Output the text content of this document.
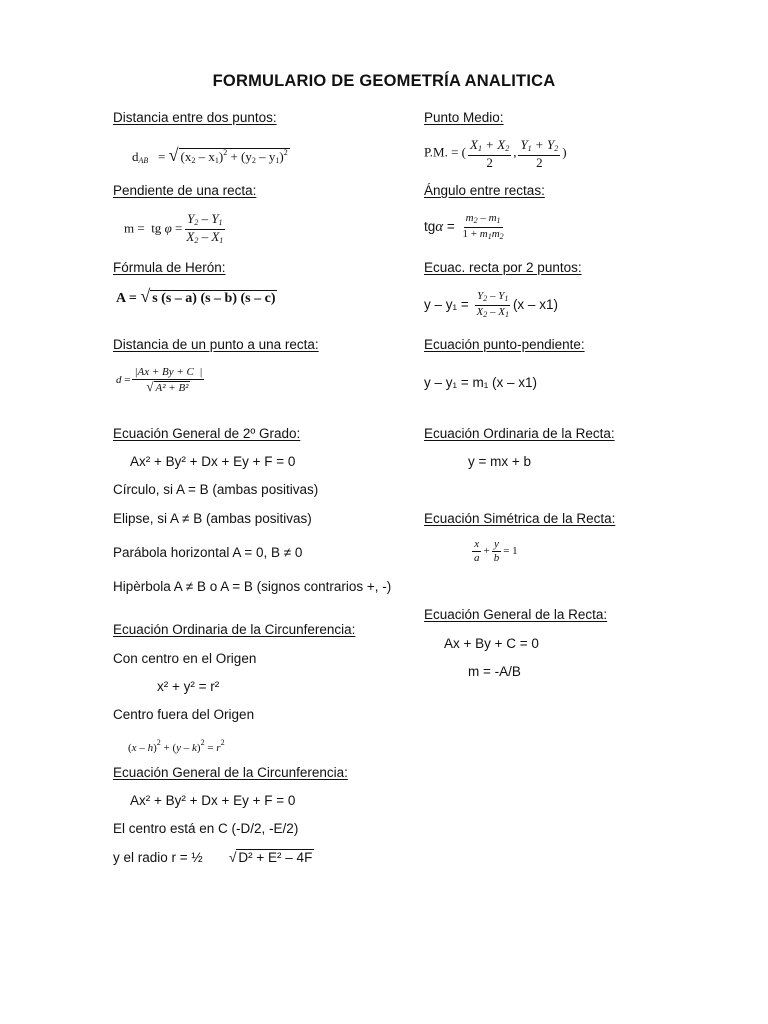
FORMULARIO DE GEOMETRÍA ANALITICA
Distancia entre dos puntos:
$d_{AB}$   = √ $(x_2 - x_1)^2 + (y_2 - y_1)^2$
Pendiente de una recta:
m =  tg $\varphi = \frac{Y_2 - Y_1}{X_2 - X_1}$
Fórmula de Herón:
A = √ s (s – a) (s – b) (s – c)
Distancia de un punto a una recta:
$d = \frac{|Ax + By + C |}{\text{√ A² + B²}}$
Ecuación General de 2º Grado:
Ax² + By² + Dx + Ey + F = 0
Círculo, si A = B (ambas positivas)
Elipse, si A ≠ B (ambas positivas)
Parábola horizontal A = 0, B ≠ 0
Hipèrbola A ≠ B o A = B (signos contrarios +, -)
Ecuación Ordinaria de la Circunferencia:
Con centro en el Origen
x² + y² = r²
Centro fuera del Origen
$(x - h)^2 + (y - k)^2 = r^2$
Ecuación General de la Circunferencia:
Ax² + By² + Dx + Ey + F = 0
El centro está en C (-D/2, -E/2)
y el radio r = ½ √ D² + E² – 4F
Punto Medio:
P.M. = ( $\frac{X_1 + X_2}{2}$ , $\frac{Y_1 + Y_2}{2}$ )
Ángulo entre rectas:
$tg\alpha = \frac{m_2 - m_1}{1 + m_1m_2}$
Ecuac. recta por 2 puntos:
$y - y_1 = \frac{Y_2 - Y_1}{X_2 - X_1} (x - x1)$
Ecuación punto-pendiente:
y – y₁ = m₁ (x – x1)
Ecuación Ordinaria de la Recta:
y = mx + b
Ecuación Simétrica de la Recta:
$\frac{x}{a} + \frac{y}{b} = 1$
Ecuación General de la Recta:
Ax + By + C = 0
m = -A/B
